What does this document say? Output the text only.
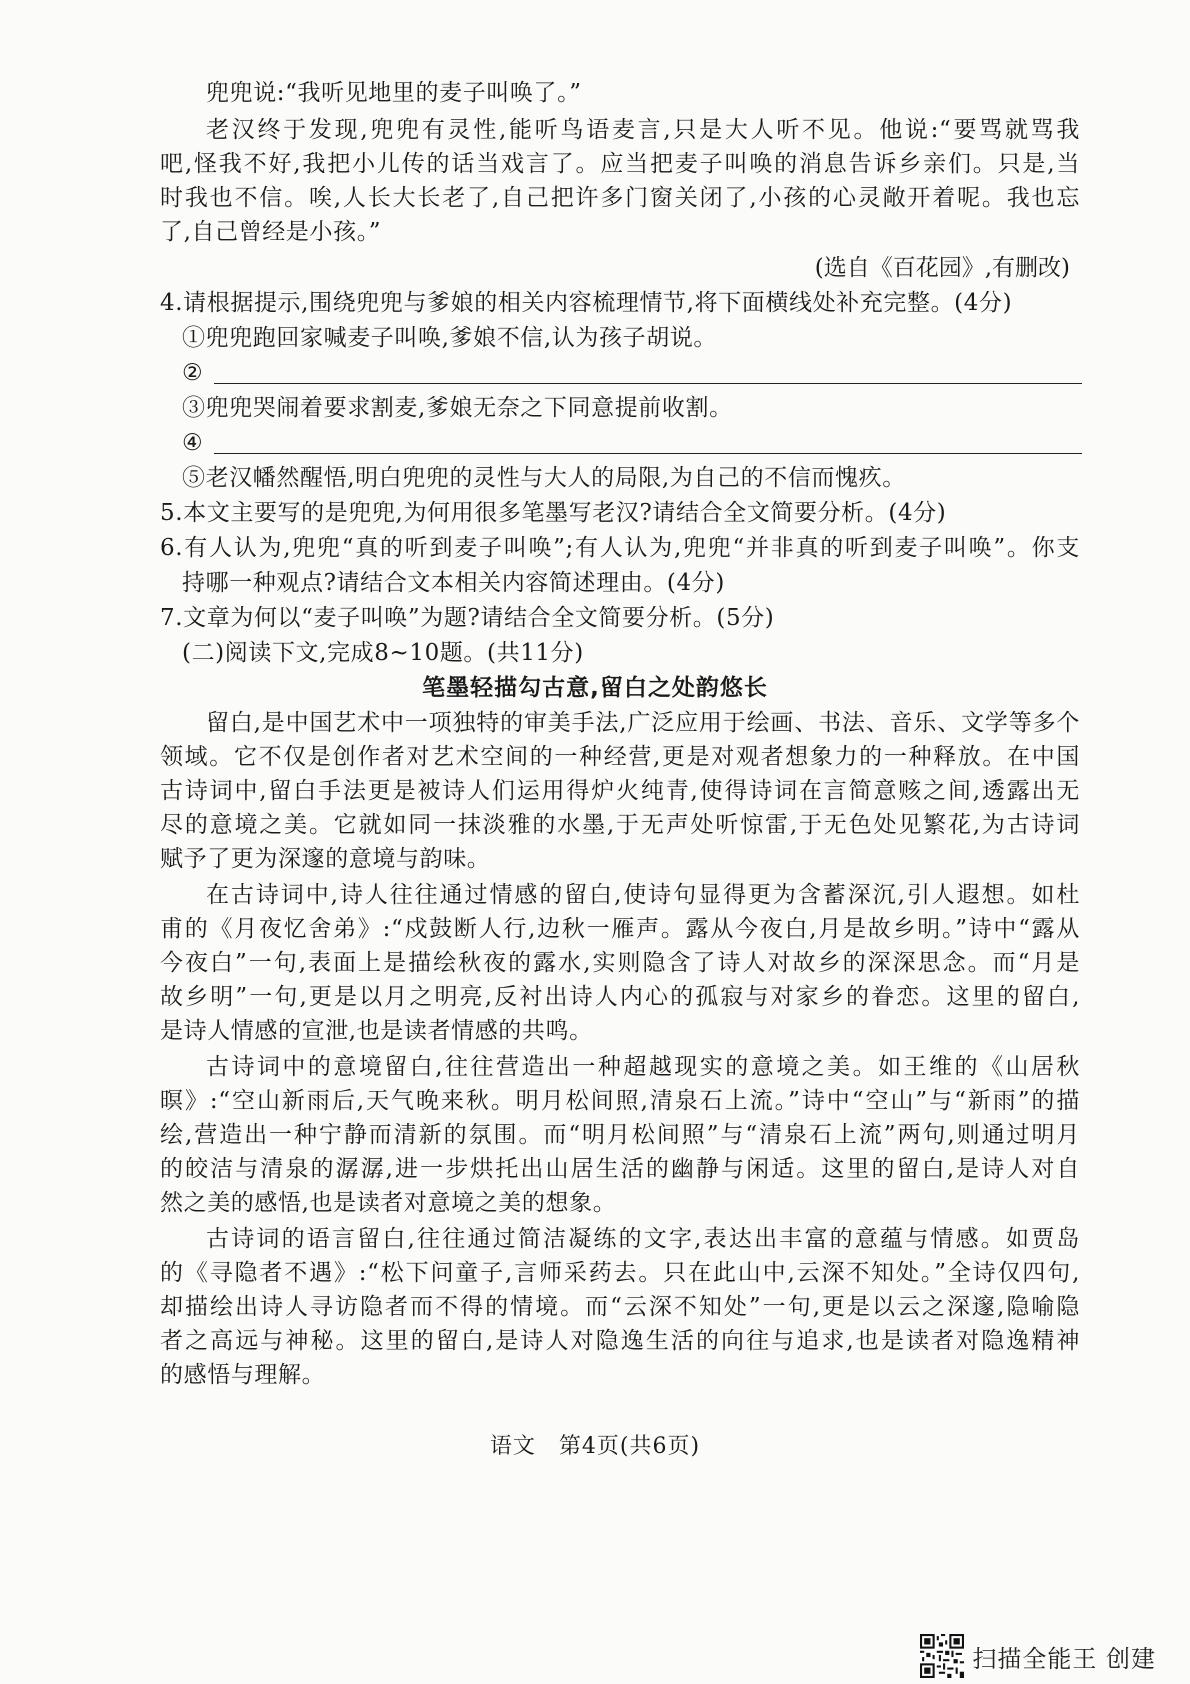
兜兜说:“我听见地里的麦子叫唤了。”
老汉终于发现,兜兜有灵性,能听鸟语麦言,只是大人听不见。他说:“要骂就骂我
吧,怪我不好,我把小儿传的话当戏言了。应当把麦子叫唤的消息告诉乡亲们。只是,当
时我也不信。唉,人长大长老了,自己把许多门窗关闭了,小孩的心灵敞开着呢。我也忘
了,自己曾经是小孩。”
(选自《百花园》,有删改)
4.请根据提示,围绕兜兜与爹娘的相关内容梳理情节,将下面横线处补充完整。(4分)
①兜兜跑回家喊麦子叫唤,爹娘不信,认为孩子胡说。
②
③兜兜哭闹着要求割麦,爹娘无奈之下同意提前收割。
④
⑤老汉幡然醒悟,明白兜兜的灵性与大人的局限,为自己的不信而愧疚。
5.本文主要写的是兜兜,为何用很多笔墨写老汉?请结合全文简要分析。(4分)
6.有人认为,兜兜“真的听到麦子叫唤”;有人认为,兜兜“并非真的听到麦子叫唤”。你支
持哪一种观点?请结合文本相关内容简述理由。(4分)
7.文章为何以“麦子叫唤”为题?请结合全文简要分析。(5分)
(二)阅读下文,完成8~10题。(共11分)
笔墨轻描勾古意,留白之处韵悠长
留白,是中国艺术中一项独特的审美手法,广泛应用于绘画、书法、音乐、文学等多个
领域。它不仅是创作者对艺术空间的一种经营,更是对观者想象力的一种释放。在中国
古诗词中,留白手法更是被诗人们运用得炉火纯青,使得诗词在言简意赅之间,透露出无
尽的意境之美。它就如同一抹淡雅的水墨,于无声处听惊雷,于无色处见繁花,为古诗词
赋予了更为深邃的意境与韵味。
在古诗词中,诗人往往通过情感的留白,使诗句显得更为含蓄深沉,引人遐想。如杜
甫的《月夜忆舍弟》:“戍鼓断人行,边秋一雁声。露从今夜白,月是故乡明。”诗中“露从
今夜白”一句,表面上是描绘秋夜的露水,实则隐含了诗人对故乡的深深思念。而“月是
故乡明”一句,更是以月之明亮,反衬出诗人内心的孤寂与对家乡的眷恋。这里的留白,
是诗人情感的宣泄,也是读者情感的共鸣。
古诗词中的意境留白,往往营造出一种超越现实的意境之美。如王维的《山居秋
暝》:“空山新雨后,天气晚来秋。明月松间照,清泉石上流。”诗中“空山”与“新雨”的描
绘,营造出一种宁静而清新的氛围。而“明月松间照”与“清泉石上流”两句,则通过明月
的皎洁与清泉的潺潺,进一步烘托出山居生活的幽静与闲适。这里的留白,是诗人对自
然之美的感悟,也是读者对意境之美的想象。
古诗词的语言留白,往往通过简洁凝练的文字,表达出丰富的意蕴与情感。如贾岛
的《寻隐者不遇》:“松下问童子,言师采药去。只在此山中,云深不知处。”全诗仅四句,
却描绘出诗人寻访隐者而不得的情境。而“云深不知处”一句,更是以云之深邃,隐喻隐
者之高远与神秘。这里的留白,是诗人对隐逸生活的向往与追求,也是读者对隐逸精神
的感悟与理解。
语文　第4页(共6页)
扫描全能王 创建
